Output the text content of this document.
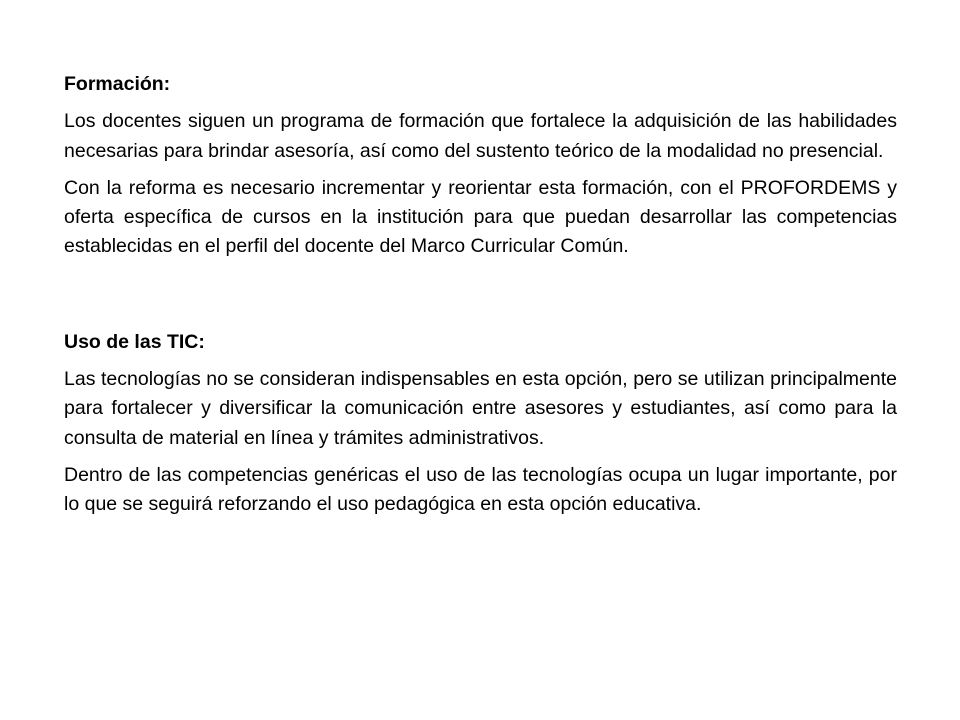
Formación:

Los docentes siguen un programa de formación que fortalece la adquisición de las habilidades necesarias para brindar asesoría, así como del sustento teórico de la modalidad no presencial.

Con la reforma es necesario incrementar y reorientar esta formación, con el PROFORDEMS y oferta específica de cursos en la institución para que puedan desarrollar las competencias establecidas en el perfil del docente del Marco Curricular Común.

Uso de las TIC:

Las tecnologías no se consideran indispensables en esta opción, pero se utilizan principalmente para fortalecer y diversificar la comunicación entre asesores y estudiantes, así como para la consulta de material en línea y trámites administrativos.

Dentro de las competencias genéricas el uso de las tecnologías ocupa un lugar importante, por lo que se seguirá reforzando el uso pedagógica en esta opción educativa.
